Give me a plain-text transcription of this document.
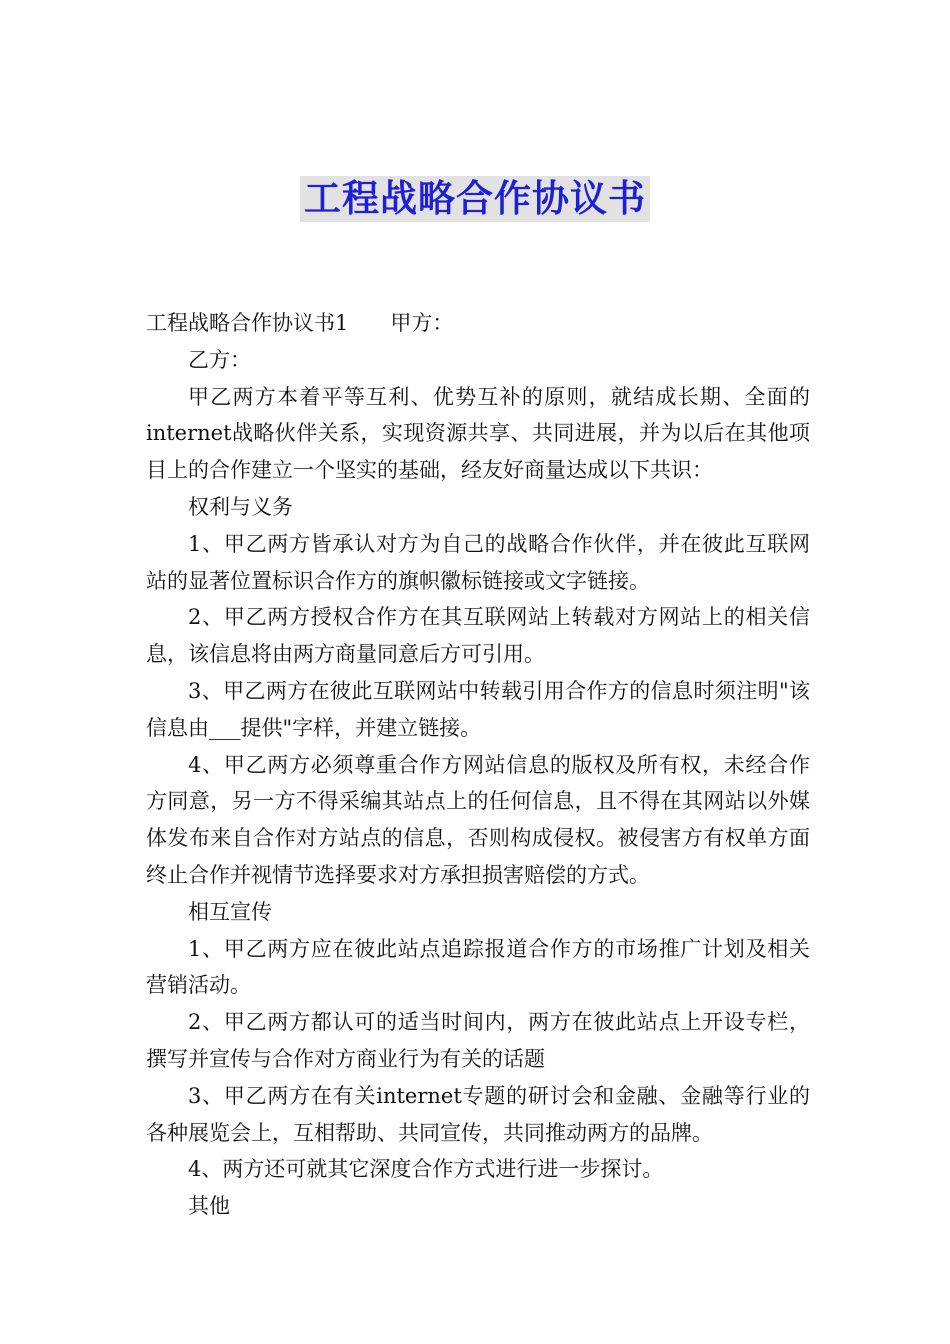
工程战略合作协议书

工程战略合作协议书1 甲方：

乙方：

甲乙两方本着平等互利、优势互补的原则，就结成长期、全面的internet战略伙伴关系，实现资源共享、共同进展，并为以后在其他项目上的合作建立一个坚实的基础，经友好商量达成以下共识：

权利与义务

1、甲乙两方皆承认对方为自己的战略合作伙伴，并在彼此互联网站的显著位置标识合作方的旗帜徽标链接或文字链接。

2、甲乙两方授权合作方在其互联网站上转载对方网站上的相关信息，该信息将由两方商量同意后方可引用。

3、甲乙两方在彼此互联网站中转载引用合作方的信息时须注明"该信息由___提供"字样，并建立链接。

4、甲乙两方必须尊重合作方网站信息的版权及所有权，未经合作方同意，另一方不得采编其站点上的任何信息，且不得在其网站以外媒体发布来自合作对方站点的信息，否则构成侵权。被侵害方有权单方面终止合作并视情节选择要求对方承担损害赔偿的方式。

相互宣传

1、甲乙两方应在彼此站点追踪报道合作方的市场推广计划及相关营销活动。

2、甲乙两方都认可的适当时间内，两方在彼此站点上开设专栏，撰写并宣传与合作对方商业行为有关的话题

3、甲乙两方在有关internet专题的研讨会和金融、金融等行业的各种展览会上，互相帮助、共同宣传，共同推动两方的品牌。

4、两方还可就其它深度合作方式进行进一步探讨。

其他
